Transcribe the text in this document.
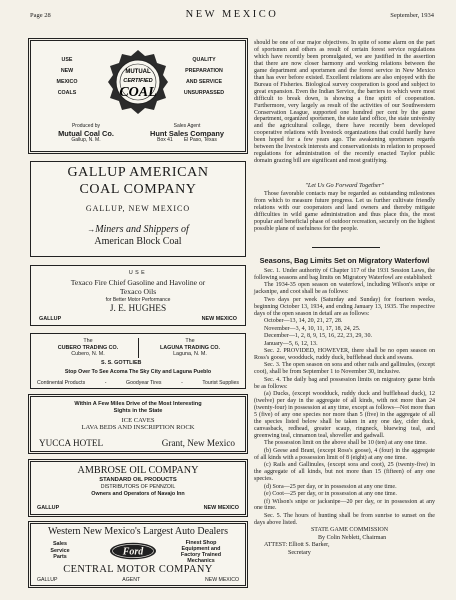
Page 28	NEW MEXICO	September, 1934
USE
NEW
MEXICO
COALS
MUTUAL
CERTIFIED
COAL
QUALITY
PREPARATION
AND SERVICE
UNSURPASSED
Produced by
Mutual Coal Co.
Gallup, N. M.
Sales Agent
Hunt Sales Company
Box 41        El Paso, Texas
GALLUP AMERICAN
COAL COMPANY
GALLUP, NEW MEXICO
→Miners and Shippers of
American Block Coal
USE
Texaco Fire Chief Gasoline and Havoline or
Texaco Oils
for Better Motor Performance
J. E. HUGHES
GALLUP	NEW MEXICO
The
CUBERO TRADING CO.
Cubero, N. M.
The
LAGUNA TRADING CO.
Laguna, N. M.
S. S. GOTTLIEB
Stop Over To See Acoma The Sky City and Laguna Pueblo
Continental Products	-	Goodyear Tires	-	Tourist Supplies
Within A Few Miles Drive of the Most Interesting
Sights in the State
ICE CAVES
LAVA BEDS AND INSCRIPTION ROCK
YUCCA HOTEL	Grant, New Mexico
AMBROSE OIL COMPANY
STANDARD OIL PRODUCTS
DISTRIBUTORS OF PENNZOIL
Owners and Operators of Navajo Inn
GALLUP	NEW MEXICO
Western New Mexico's Largest Auto Dealers
Sales
Service
Parts	Ford
Finest Shop
Equipment and
Factory Trained
Mechanics
CENTRAL MOTOR COMPANY
GALLUP	AGENT	NEW MEXICO

should be one of our major objectives. In spite of some alarm on the part of sportsmen and others as result of certain forest service regulations which have recently been promulgated, we are justified in the assertion that there are now closer harmony and working relations between the game department and sportsmen and the forest service in New Mexico than has ever before existed. Excellent relations are also enjoyed with the Bureau of Fisheries. Biological survey cooperation is good and subject to great expansion. Even the Indian Service, the barriers to which were most difficult to break down, is showing a fine spirit of cooperation. Furthermore, very largely as result of the activities of our Southwestern Conservation League, supported one hundred per cent by the game department, organized sportsmen, the state land office, the state university and the agricultural college, there have recently been developed cooperative relations with livestock organizations that could hardly have been hoped for a few years ago. The awakening sportsmen regards between the livestock interests and conservationists in relation to proposed regulations for administration of the recently enacted Taylor public domain grazing bill are significant and most gratifying.

"Let Us Go Forward Together"

Those favorable contacts may be regarded as outstanding milestones from which to measure future progress. Let us further cultivate friendly relations with our cooperators and land owners and thereby mitigate difficulties in wild game administration and thus place this, the most popular and beneficial phase of outdoor recreation, securely on the highest possible plane of usefulness for the people.

Seasons, Bag Limits Set on Migratory Waterfowl

Sec. 1. Under authority of Chapter 117 of the 1931 Session Laws, the following seasons and bag limits on Migratory Waterfowl are established:

The 1934-35 open season on waterfowl, including Wilson's snipe or jacksnipe, and coot shall be as follows:

Two days per week (Saturday and Sunday) for fourteen weeks, beginning October 13, 1934, and ending January 13, 1935. The respective days of the open season in detail are as follows:

October—13, 14, 20, 21, 27, 28.

November—3, 4, 10, 11, 17, 18, 24, 25.

December—1, 2, 8, 9, 15, 16, 22, 23, 29, 30.

January—5, 6, 12, 13.

Sec. 2. PROVIDED, HOWEVER, there shall be no open season on Ross's goose, woodduck, ruddy duck, bufflehead duck and swans.

Sec. 3. The open season on sora and other rails and gallinules, (except coot), shall be from September 1 to November 30, inclusive.

Sec. 4. The daily bag and possession limits on migratory game birds be as follows:

(a) Ducks, (except woodduck, ruddy duck and bufflehead duck), 12 (twelve) per day in the aggregate of all kinds, with not more than 24 (twenty-four) in possession at any time, except as follows—Not more than 5 (five) of any one species nor more than 5 (five) in the aggregate of all the species listed below shall be taken in any one day, cider duck, canvasback, redhead, greater scaup, ringneck, bluewing teal, and greenwing teal, cinnamon teal, shoveller and gadwall.

The possession limit on the above shall be 10 (ten) at any one time.

(b) Geese and Brant, (except Ross's goose), 4 (four) in the aggregate of all kinds with a possession limit of 8 (eight) at any one time.

(c) Rails and Gallinules, (except sora and coot), 25 (twenty-five) in the aggregate of all kinds, but not more than 15 (fifteen) of any one species.

(d) Sora—25 per day, or in possession at any one time.

(e) Coot—25 per day, or in possession at any one time.

(f) Wilson's snipe or jacksnipe—20 per day, or in possession at any one time.

Sec. 5. The hours of hunting shall be from sunrise to sunset on the days above listed.

STATE GAME COMMISSION

By Colin Neblett, Chairman

ATTEST: Elliott S. Barker,

Secretary
